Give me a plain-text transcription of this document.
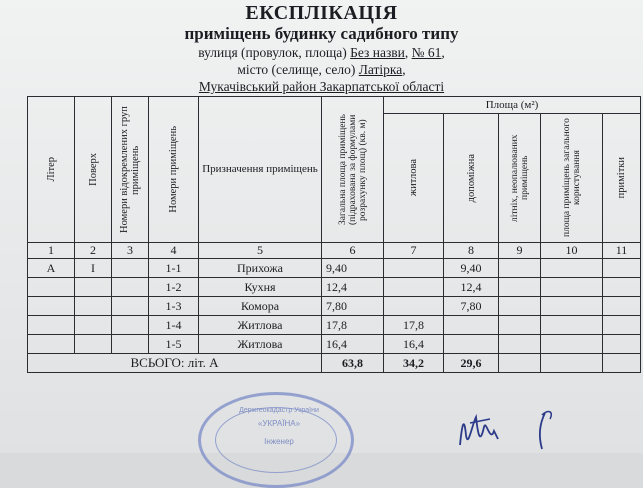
ЕКСПЛІКАЦІЯ
приміщень будинку садибного типу
вулиця (провулок, площа) Без назви, № 61,
місто (селище, село) Латірка,
Мукачівський район Закарпатської області
Літер	Поверх	Номери відокремлених груп приміщень	Номери приміщень	Призначення приміщень	Загальна площа приміщень (підрахована за формулами розрахунку площ) (кв. м)	Площа (м²)				

						житлова	допоміжна	літніх, неопалюваних приміщень	площа приміщень загального користування	примітки

1	2	3	4	5	6	7	8	9	10	11
А	I		1-1	Прихожа	9,40		9,40			
			1-2	Кухня	12,4		12,4			
			1-3	Комора	7,80		7,80			
			1-4	Житлова	17,8	17,8				
			1-5	Житлова	16,4	16,4				
ВСЬОГО: літ. А					63,8	34,2	29,6			
Держгеокадастр України
«УКРАЇНА»
Інженер
